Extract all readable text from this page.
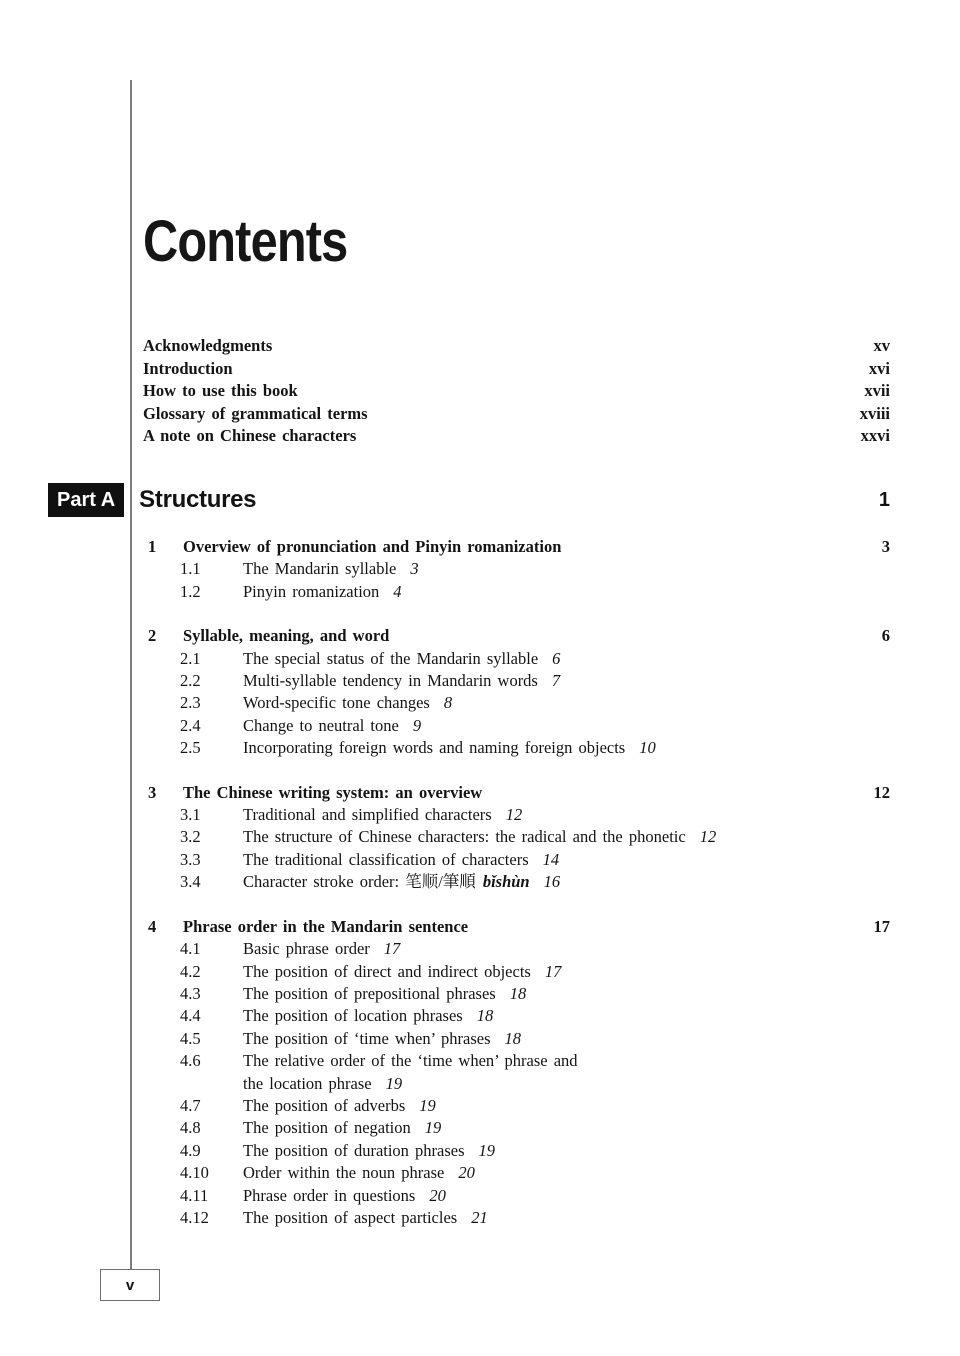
Contents
Acknowledgments	xv
Introduction	xvi
How to use this book	xvii
Glossary of grammatical terms	xviii
A note on Chinese characters	xxvi
Part A	Structures	1
1	Overview of pronunciation and Pinyin romanization	3
1.1	The Mandarin syllable 3
1.2	Pinyin romanization 4
2	Syllable, meaning, and word	6
2.1	The special status of the Mandarin syllable 6
2.2	Multi-syllable tendency in Mandarin words 7
2.3	Word-specific tone changes 8
2.4	Change to neutral tone 9
2.5	Incorporating foreign words and naming foreign objects 10
3	The Chinese writing system: an overview	12
3.1	Traditional and simplified characters 12
3.2	The structure of Chinese characters: the radical and the phonetic 12
3.3	The traditional classification of characters 14
3.4	Character stroke order: 笔顺/筆順 bǐshùn 16
4	Phrase order in the Mandarin sentence	17
4.1	Basic phrase order 17
4.2	The position of direct and indirect objects 17
4.3	The position of prepositional phrases 18
4.4	The position of location phrases 18
4.5	The position of ‘time when’ phrases 18
4.6	The relative order of the ‘time when’ phrase and
the location phrase 19
4.7	The position of adverbs 19
4.8	The position of negation 19
4.9	The position of duration phrases 19
4.10	Order within the noun phrase 20
4.11	Phrase order in questions 20
4.12	The position of aspect particles 21
v
